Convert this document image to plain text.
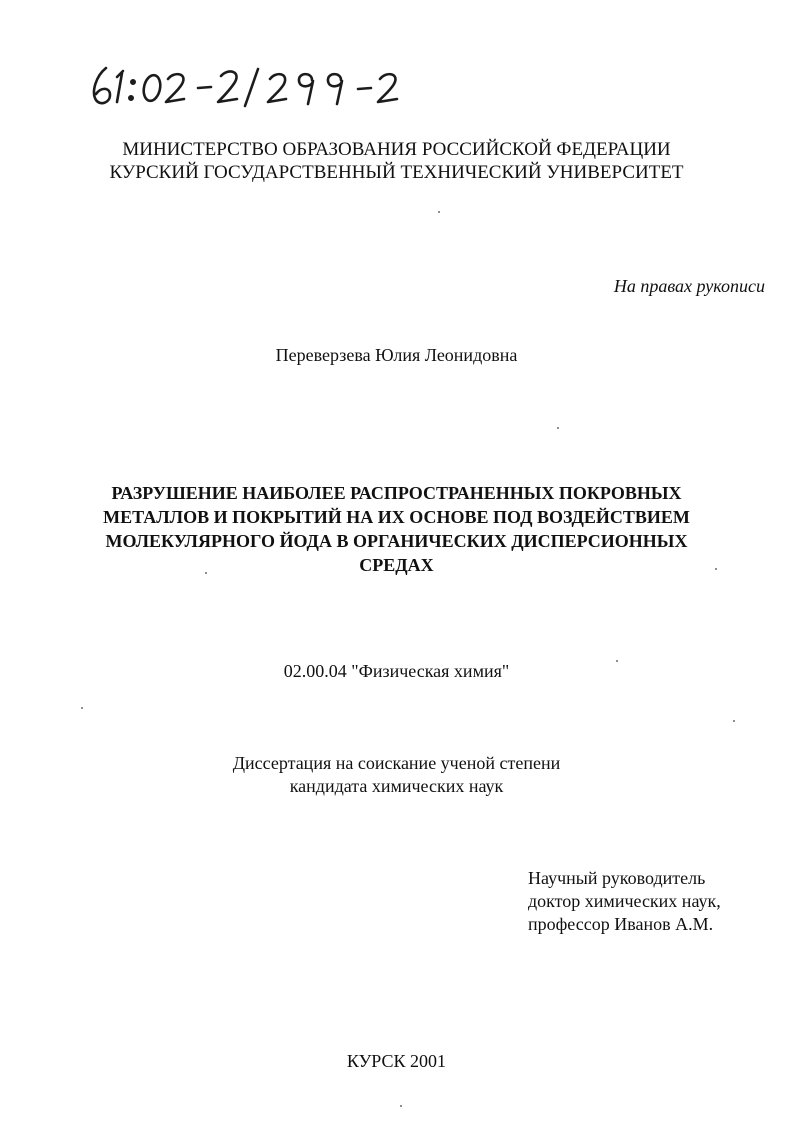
МИНИСТЕРСТВО ОБРАЗОВАНИЯ РОССИЙСКОЙ ФЕДЕРАЦИИ
КУРСКИЙ ГОСУДАРСТВЕННЫЙ ТЕХНИЧЕСКИЙ УНИВЕРСИТЕТ
На правах рукописи
Переверзева Юлия Леонидовна
РАЗРУШЕНИЕ НАИБОЛЕЕ РАСПРОСТРАНЕННЫХ ПОКРОВНЫХ
МЕТАЛЛОВ И ПОКРЫТИЙ НА ИХ ОСНОВЕ ПОД ВОЗДЕЙСТВИЕМ
МОЛЕКУЛЯРНОГО ЙОДА В ОРГАНИЧЕСКИХ ДИСПЕРСИОННЫХ
СРЕДАХ
02.00.04 "Физическая химия"
Диссертация на соискание ученой степени
кандидата химических наук
Научный руководитель
доктор химических наук,
профессор Иванов А.М.
КУРСК 2001
